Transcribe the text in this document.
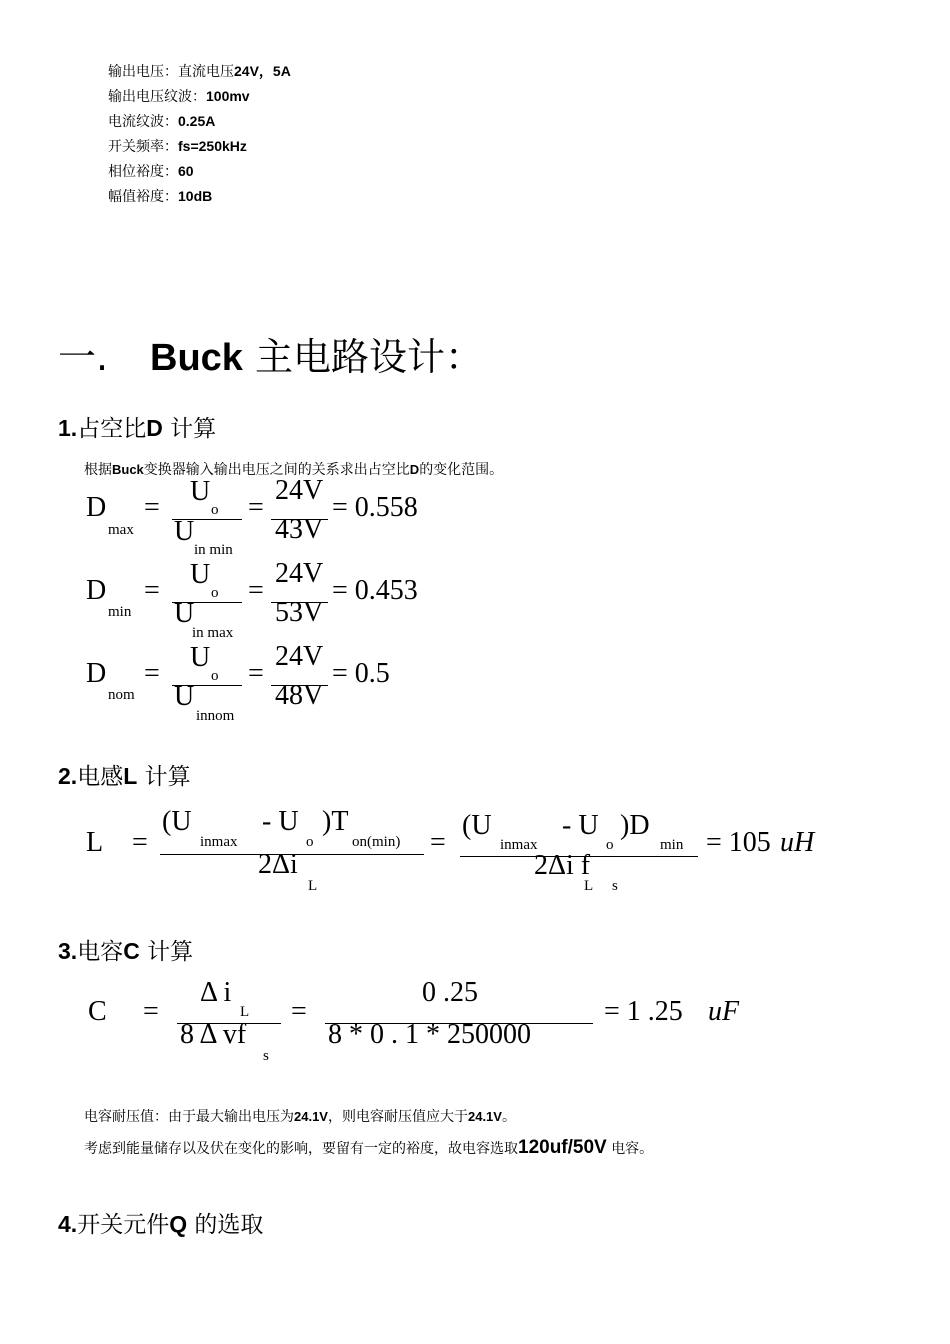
输出电压：直流电压24V，5A
输出电压纹波：100mv
电流纹波：0.25A
开关频率：fs=250kHz
相位裕度：60
幅值裕度：10dB
一. Buck 主电路设计：
1.占空比D 计算
根据Buck变换器输入输出电压之间的关系求出占空比D的变化范围。
D
max
=
U
o
U
in min
=
24V
43V
= 0.558
D
min
=
U
o
U
in max
=
24V
53V
= 0.453
D
nom
=
U
o
U
innom
=
24V
48V
= 0.5
2.电感L 计算
L =
(U
inmax
- U
o
)T
on(min)
2Δi
L
=
(U
inmax
- U
o
)D
min
2Δi f
L s
= 105 uH
3.电容C 计算
C =
Δ i
L
8 Δ vf
s
=
0 .25
8 * 0 . 1 * 250000
= 1 .25 uF
电容耐压值：由于最大输出电压为24.1V，则电容耐压值应大于24.1V。
考虑到能量储存以及伏在变化的影响，要留有一定的裕度，故电容选取120uf/50V 电容。
4.开关元件Q 的选取
